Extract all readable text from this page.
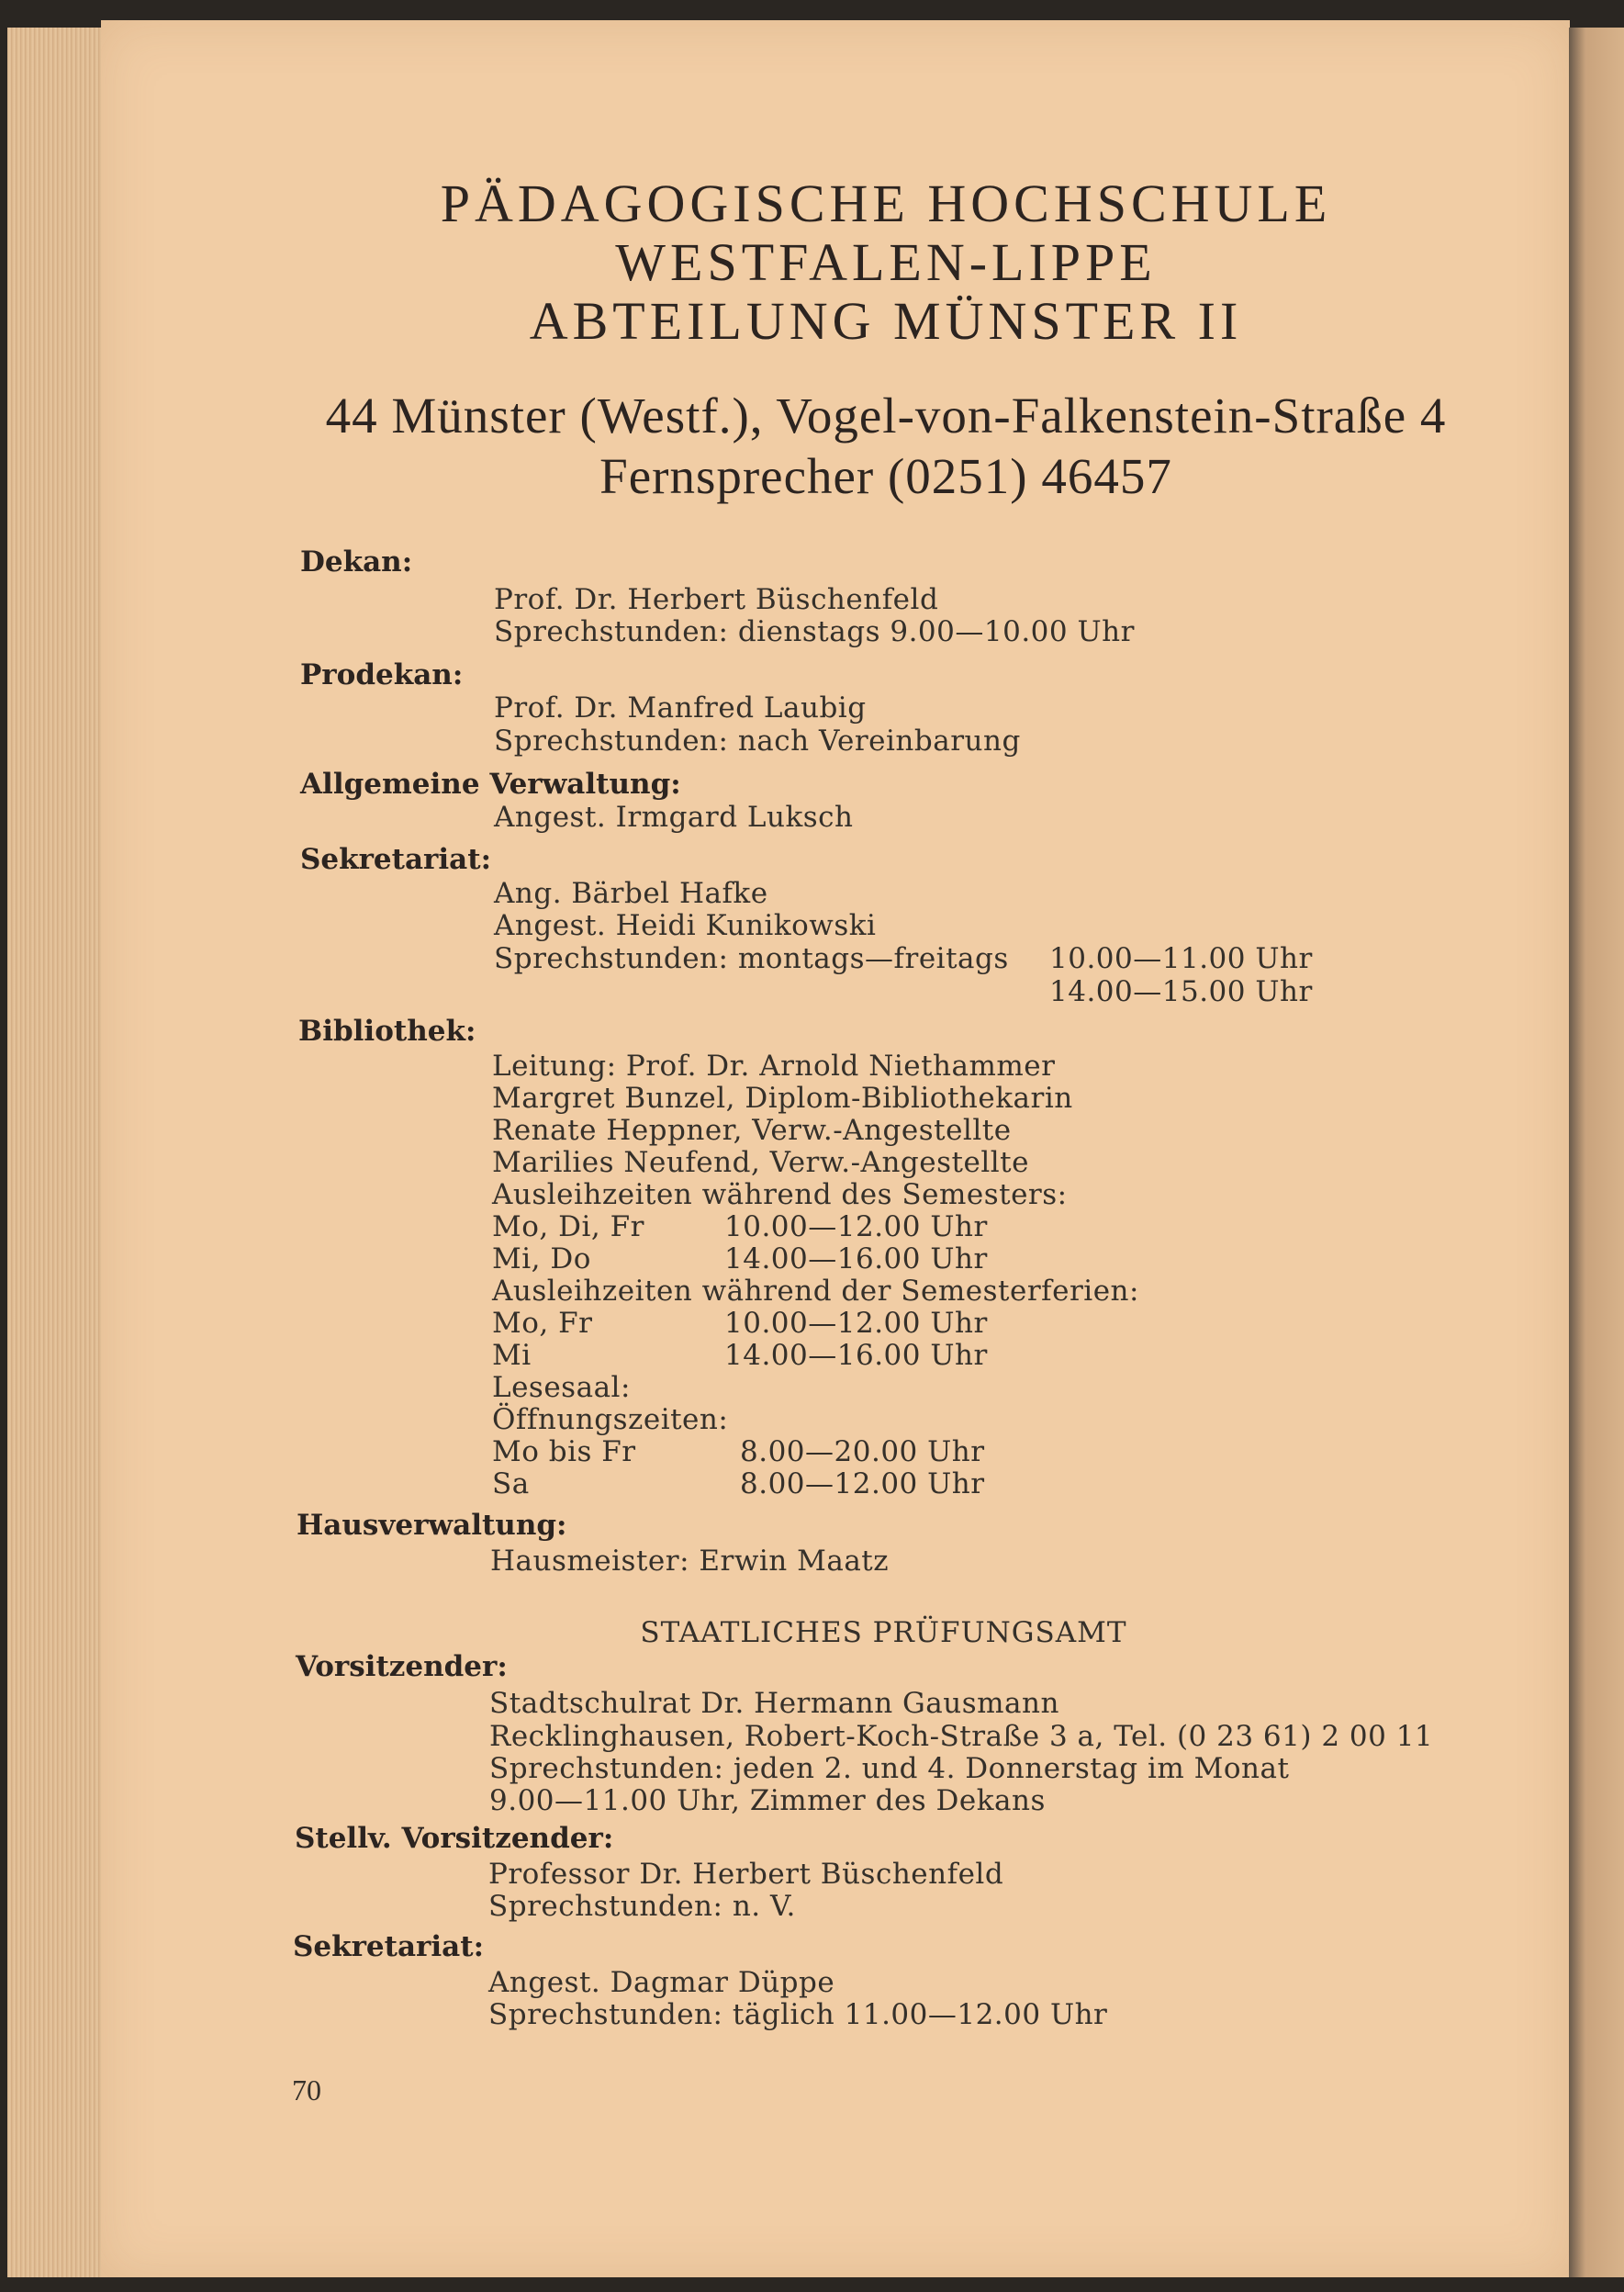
PÄDAGOGISCHE HOCHSCHULE
WESTFALEN-LIPPE
ABTEILUNG MÜNSTER II
44 Münster (Westf.), Vogel-von-Falkenstein-Straße 4
Fernsprecher (0251) 46457
Dekan:
Prof. Dr. Herbert Büschenfeld
Sprechstunden: dienstags 9.00—10.00 Uhr
Prodekan:
Prof. Dr. Manfred Laubig
Sprechstunden: nach Vereinbarung
Allgemeine Verwaltung:
Angest. Irmgard Luksch
Sekretariat:
Ang. Bärbel Hafke
Angest. Heidi Kunikowski
Sprechstunden: montags—freitags 10.00—11.00 Uhr
14.00—15.00 Uhr
Bibliothek:
Leitung: Prof. Dr. Arnold Niethammer
Margret Bunzel, Diplom-Bibliothekarin
Renate Heppner, Verw.-Angestellte
Marilies Neufend, Verw.-Angestellte
Ausleihzeiten während des Semesters:
Mo, Di, Fr	10.00—12.00 Uhr
Mi, Do	14.00—16.00 Uhr
Ausleihzeiten während der Semesterferien:
Mo, Fr	10.00—12.00 Uhr
Mi	14.00—16.00 Uhr
Lesesaal:
Öffnungszeiten:
Mo bis Fr	8.00—20.00 Uhr
Sa	8.00—12.00 Uhr
Hausverwaltung:
Hausmeister: Erwin Maatz
STAATLICHES PRÜFUNGSAMT
Vorsitzender:
Stadtschulrat Dr. Hermann Gausmann
Recklinghausen, Robert-Koch-Straße 3 a, Tel. (0 23 61) 2 00 11
Sprechstunden: jeden 2. und 4. Donnerstag im Monat
9.00—11.00 Uhr, Zimmer des Dekans
Stellv. Vorsitzender:
Professor Dr. Herbert Büschenfeld
Sprechstunden: n. V.
Sekretariat:
Angest. Dagmar Düppe
Sprechstunden: täglich 11.00—12.00 Uhr
70
